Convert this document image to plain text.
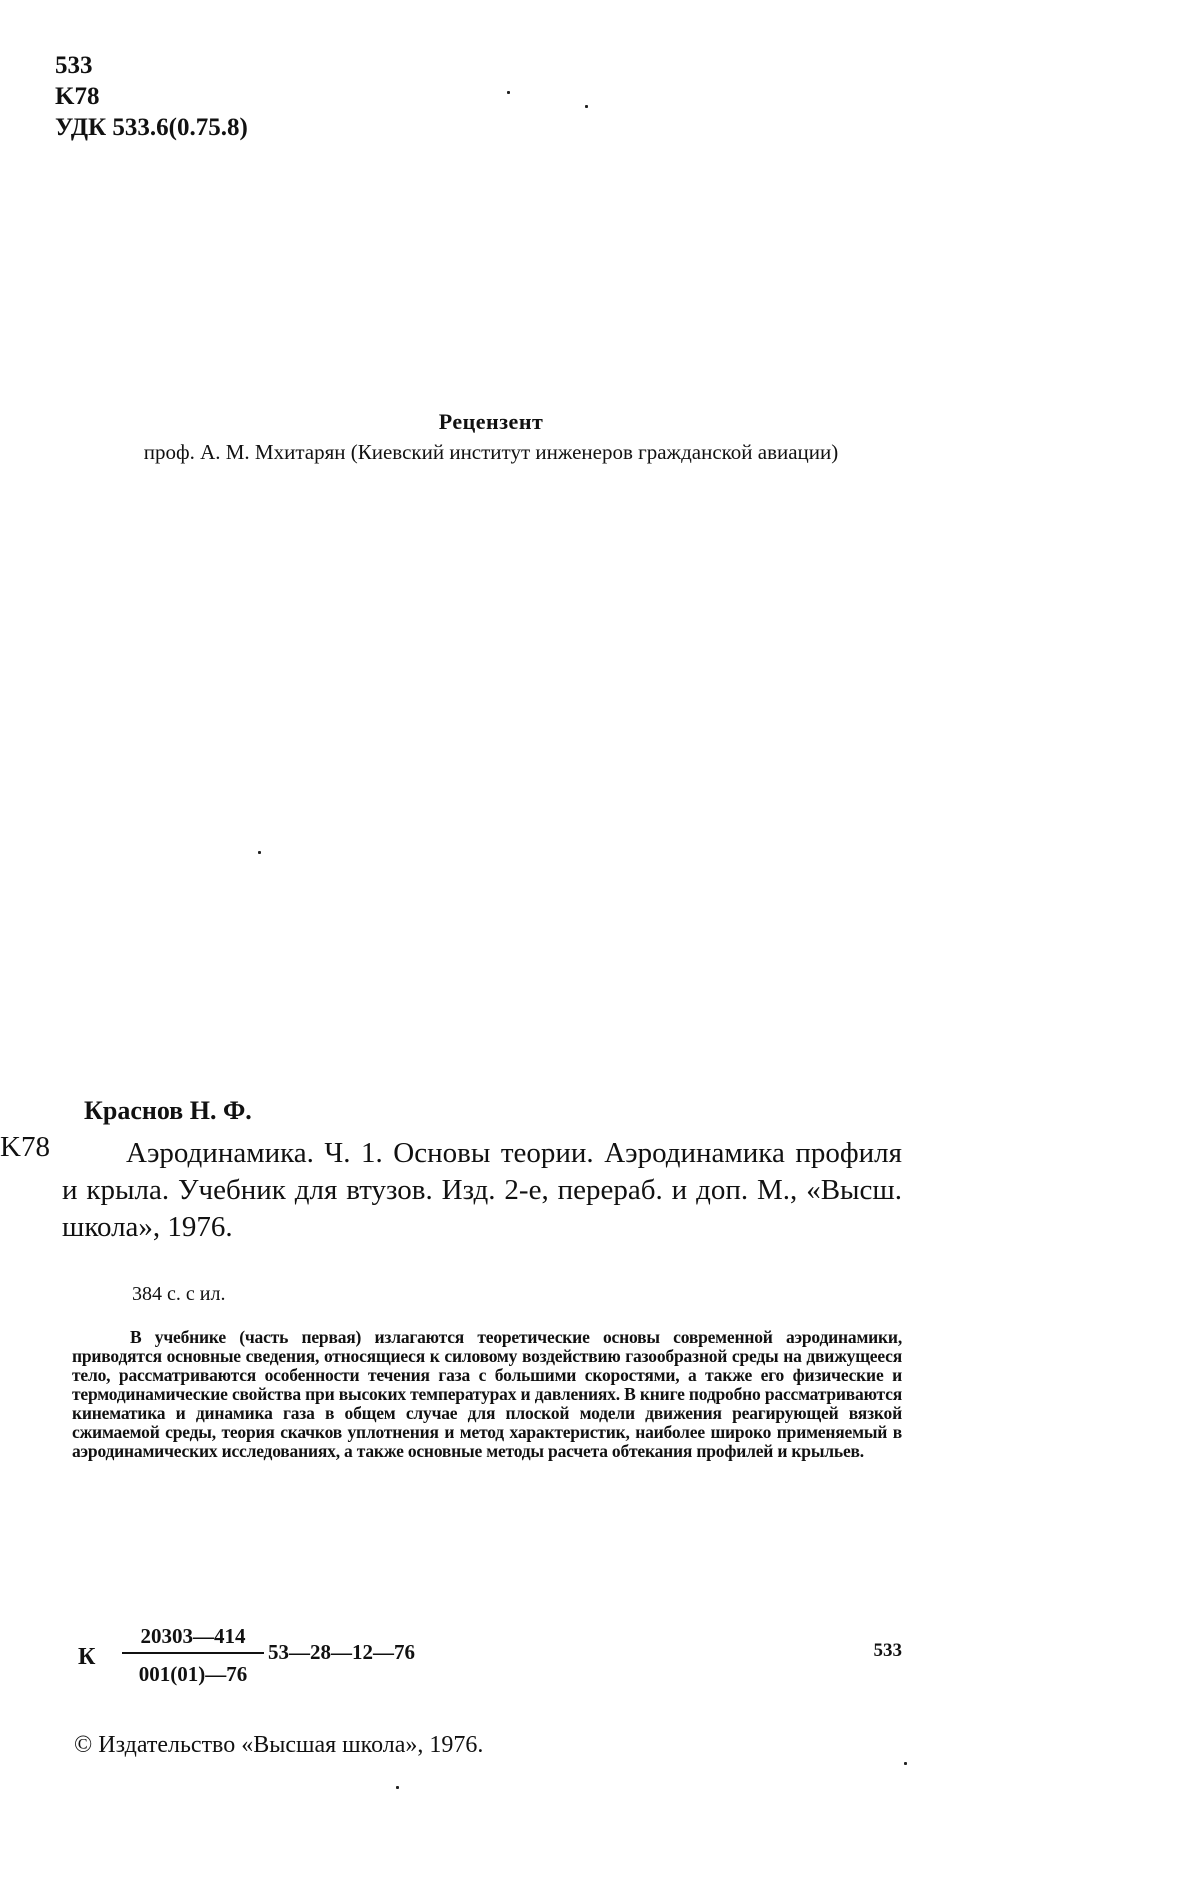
533
K78
УДК 533.6(0.75.8)
Рецензент
проф. А. М. Мхитарян (Киевский институт инженеров гражданской авиации)
K78
Краснов Н. Ф.
Аэродинамика. Ч. 1. Основы теории. Аэродинамика профиля и крыла. Учебник для втузов. Изд. 2-е, перераб. и доп. М., «Высш. школа», 1976.
384 с. с ил.
В учебнике (часть первая) излагаются теоретические основы современной аэродинамики, приводятся основные сведения, относящиеся к силовому воздействию газообразной среды на движущееся тело, рассматриваются особенности течения газа с большими скоростями, а также его физические и термодинамические свойства при высоких температурах и давлениях. В книге подробно рассматриваются кинематика и динамика газа в общем случае для плоской модели движения реагирующей вязкой сжимаемой среды, теория скачков уплотнения и метод характеристик, наиболее широко применяемый в аэродинамических исследованиях, а также основные методы расчета обтекания профилей и крыльев.
К $\frac{20303—414}{001(01)—76}$ 53—28—12—76	533
© Издательство «Высшая школа», 1976.
